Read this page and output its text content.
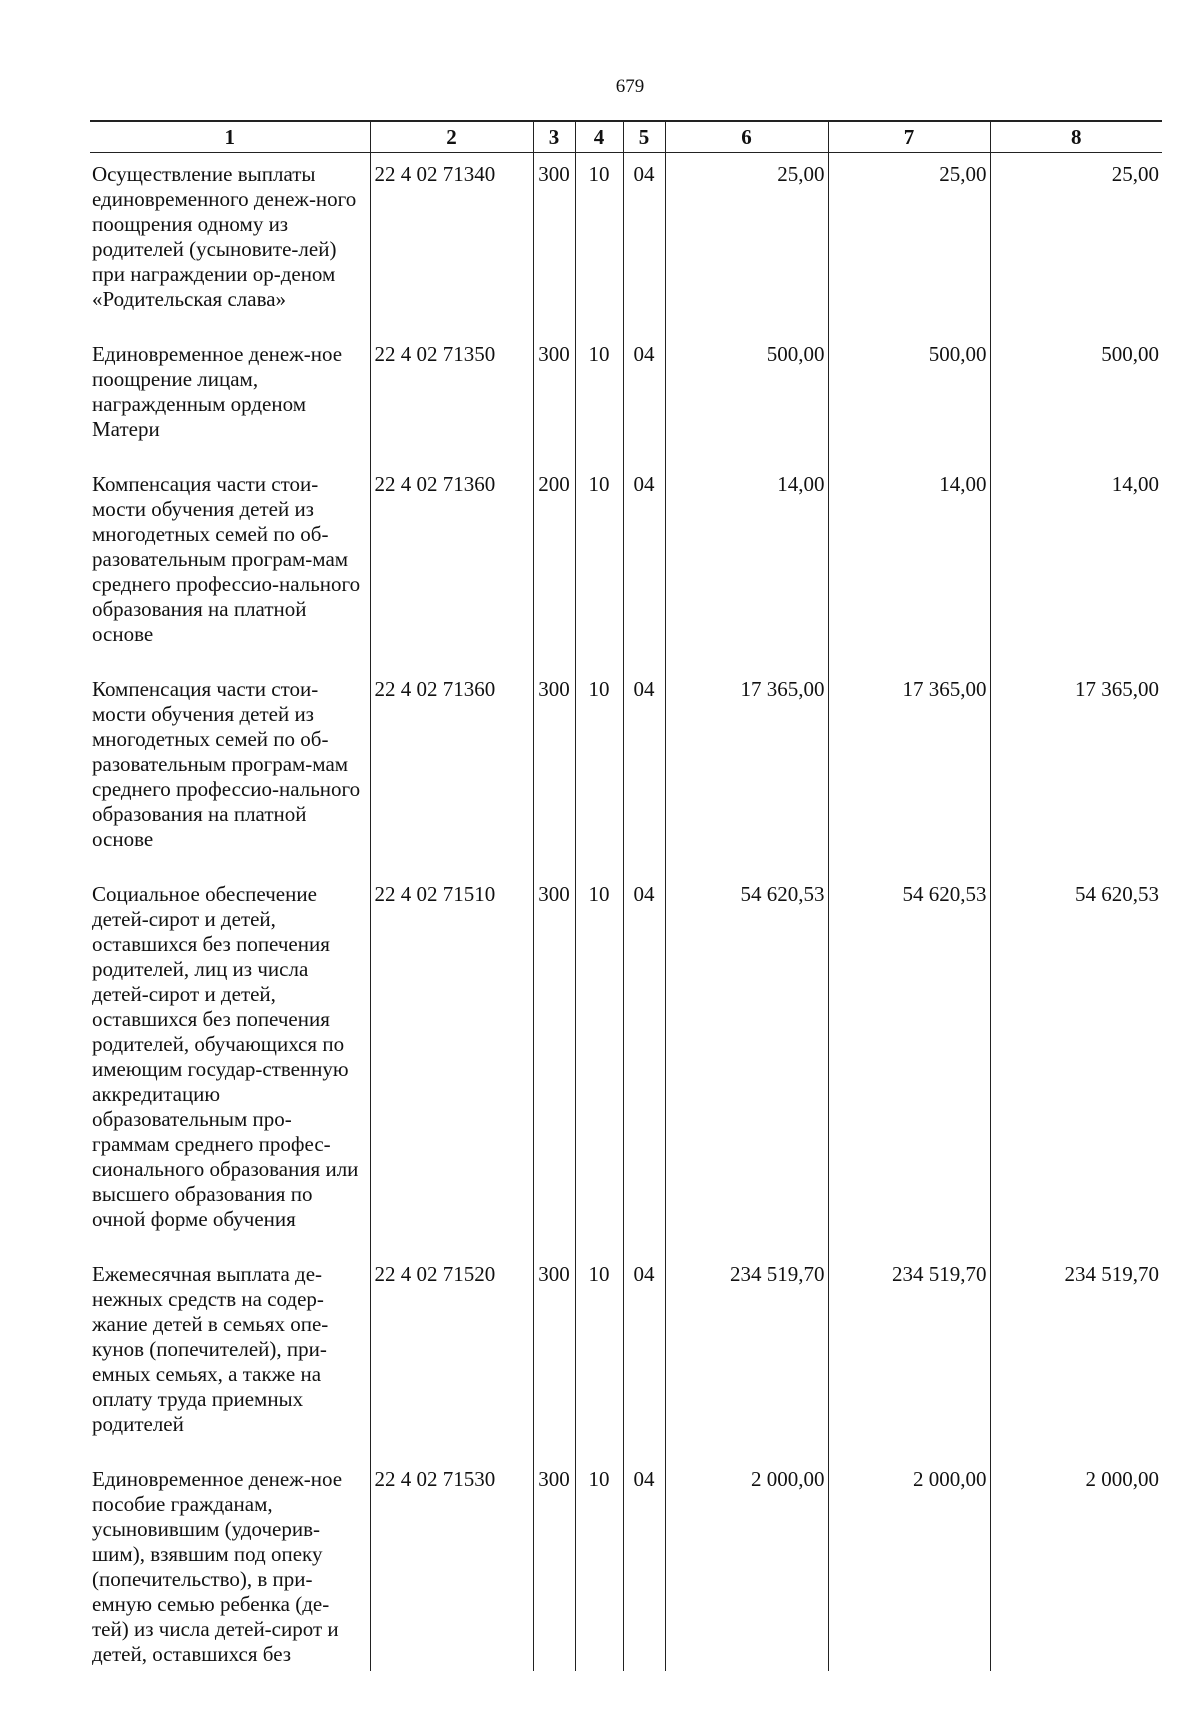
679
1	2	3	4	5	6	7	8
Осуществление выплаты единовременного денеж-ного поощрения одному из родителей (усыновите-лей) при награждении ор-деном «Родительская слава»	22 4 02 71340	300	10	04	25,00	25,00	25,00
Единовременное денеж-ное поощрение лицам, награжденным орденом Матери	22 4 02 71350	300	10	04	500,00	500,00	500,00
Компенсация части стои-мости обучения детей из многодетных семей по об-разовательным програм-мам среднего профессио-нального образования на платной основе	22 4 02 71360	200	10	04	14,00	14,00	14,00
Компенсация части стои-мости обучения детей из многодетных семей по об-разовательным програм-мам среднего профессио-нального образования на платной основе	22 4 02 71360	300	10	04	17 365,00	17 365,00	17 365,00
Социальное обеспечение детей-сирот и детей, оставшихся без попечения родителей, лиц из числа детей-сирот и детей, оставшихся без попечения родителей, обучающихся по имеющим государ-ственную аккредитацию образовательным про-граммам среднего профес-сионального образования или высшего образования по очной форме обучения	22 4 02 71510	300	10	04	54 620,53	54 620,53	54 620,53
Ежемесячная выплата де-нежных средств на содер-жание детей в семьях опе-кунов (попечителей), при-емных семьях, а также на оплату труда приемных родителей	22 4 02 71520	300	10	04	234 519,70	234 519,70	234 519,70
Единовременное денеж-ное пособие гражданам, усыновившим (удочерив-шим), взявшим под опеку (попечительство), в при-емную семью ребенка (де-тей) из числа детей-сирот и детей, оставшихся без	22 4 02 71530	300	10	04	2 000,00	2 000,00	2 000,00
